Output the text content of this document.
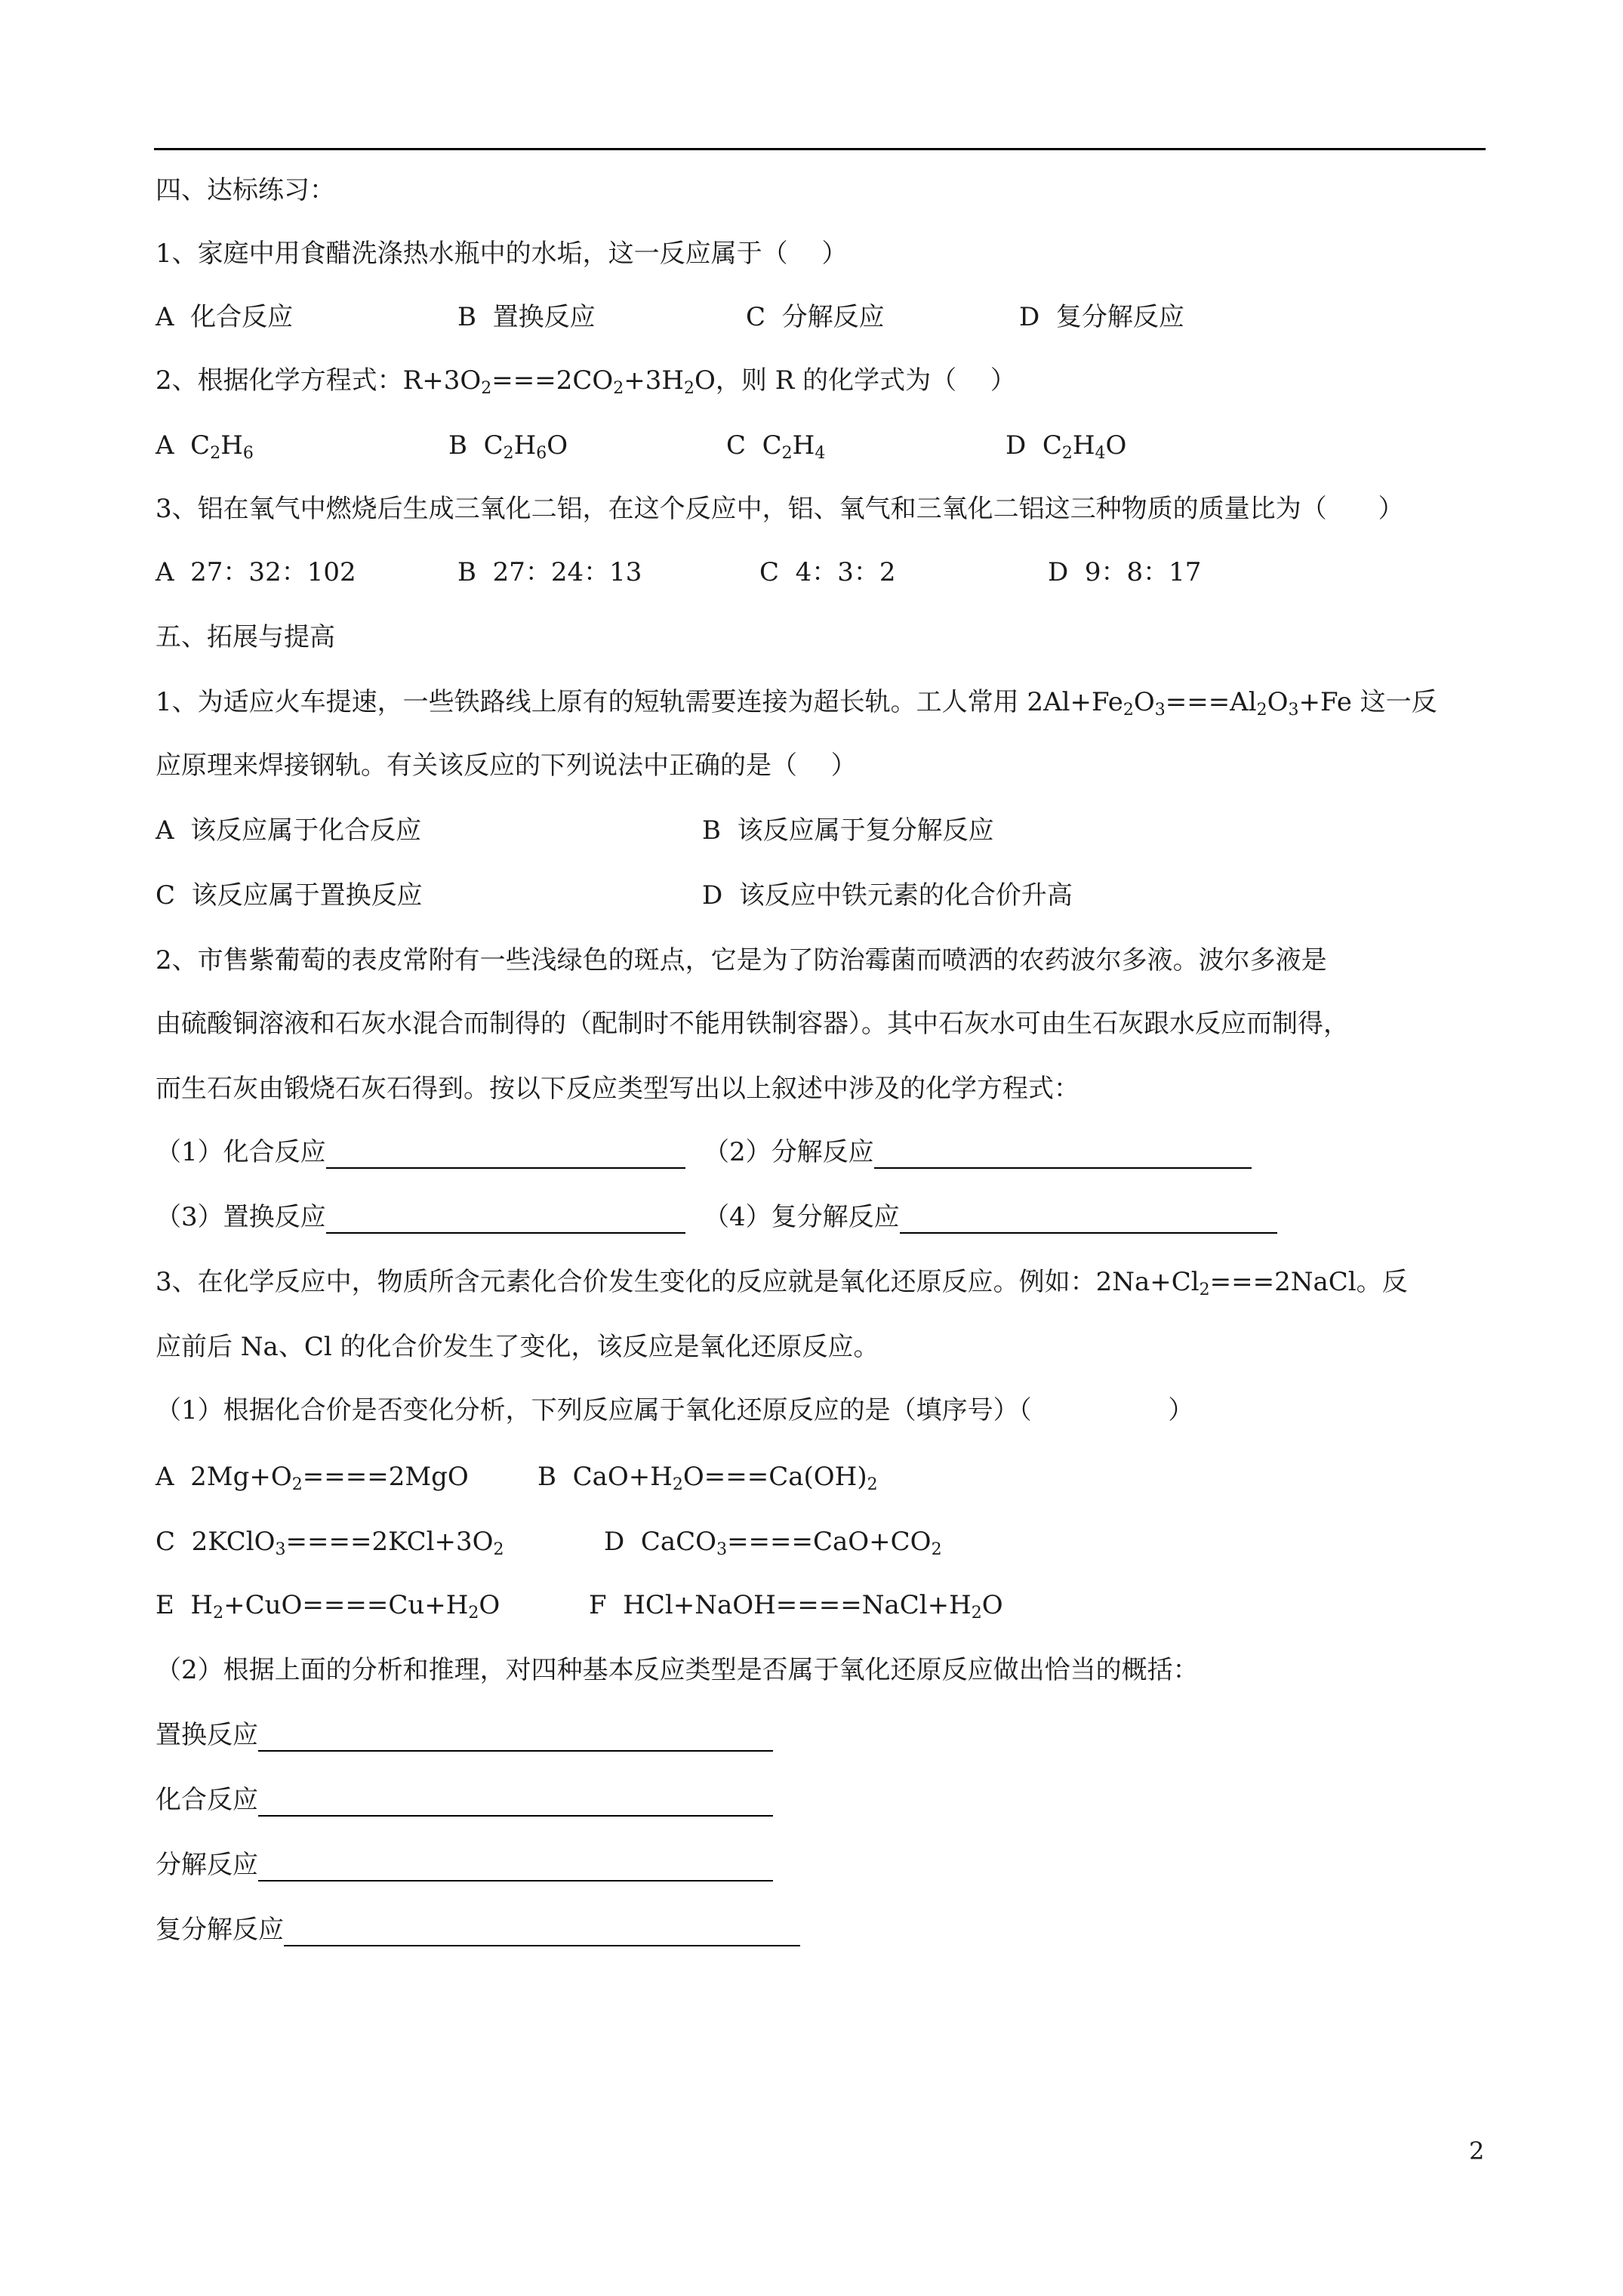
四、达标练习：
1、家庭中用食醋洗涤热水瓶中的水垢，这一反应属于（　 ）
A  化合反应	B  置换反应	C  分解反应	D  复分解反应
2、根据化学方程式：$R+3O_2===2CO_2+3H_2O$，则 R 的化学式为（　 ）
A  $C_2H_6$	B  $C_2H_6O$	C  $C_2H_4$	D  $C_2H_4O$
3、铝在氧气中燃烧后生成三氧化二铝，在这个反应中，铝、氧气和三氧化二铝这三种物质的质量比为（　　）
A  27：32：102	B  27：24：13	C  4：3：2	D  9：8：17
五、拓展与提高
1、为适应火车提速，一些铁路线上原有的短轨需要连接为超长轨。工人常用 $2Al+Fe_2O_3===Al_2O_3+Fe$ 这一反
应原理来焊接钢轨。有关该反应的下列说法中正确的是（　 ）
A  该反应属于化合反应	B  该反应属于复分解反应
C  该反应属于置换反应	D  该反应中铁元素的化合价升高
2、市售紫葡萄的表皮常附有一些浅绿色的斑点，它是为了防治霉菌而喷洒的农药波尔多液。波尔多液是
由硫酸铜溶液和石灰水混合而制得的（配制时不能用铁制容器）。其中石灰水可由生石灰跟水反应而制得，
而生石灰由锻烧石灰石得到。按以下反应类型写出以上叙述中涉及的化学方程式：
（1）化合反应	（2）分解反应
（3）置换反应	（4）复分解反应
3、在化学反应中，物质所含元素化合价发生变化的反应就是氧化还原反应。例如：$2Na+Cl_2===2NaCl$。反
应前后 Na、Cl 的化合价发生了变化，该反应是氧化还原反应。
（1）根据化合价是否变化分析，下列反应属于氧化还原反应的是（填序号）（　　　　　 ）
A  $2Mg+O_2====2MgO$	B  $CaO+H_2O===Ca(OH)_2$
C  $2KClO_3====2KCl+3O_2$	D  $CaCO_3====CaO+CO_2$
E  $H_2+CuO====Cu+H_2O$	F  $HCl+NaOH====NaCl+H_2O$
（2）根据上面的分析和推理，对四种基本反应类型是否属于氧化还原反应做出恰当的概括：
置换反应
化合反应
分解反应
复分解反应
2
